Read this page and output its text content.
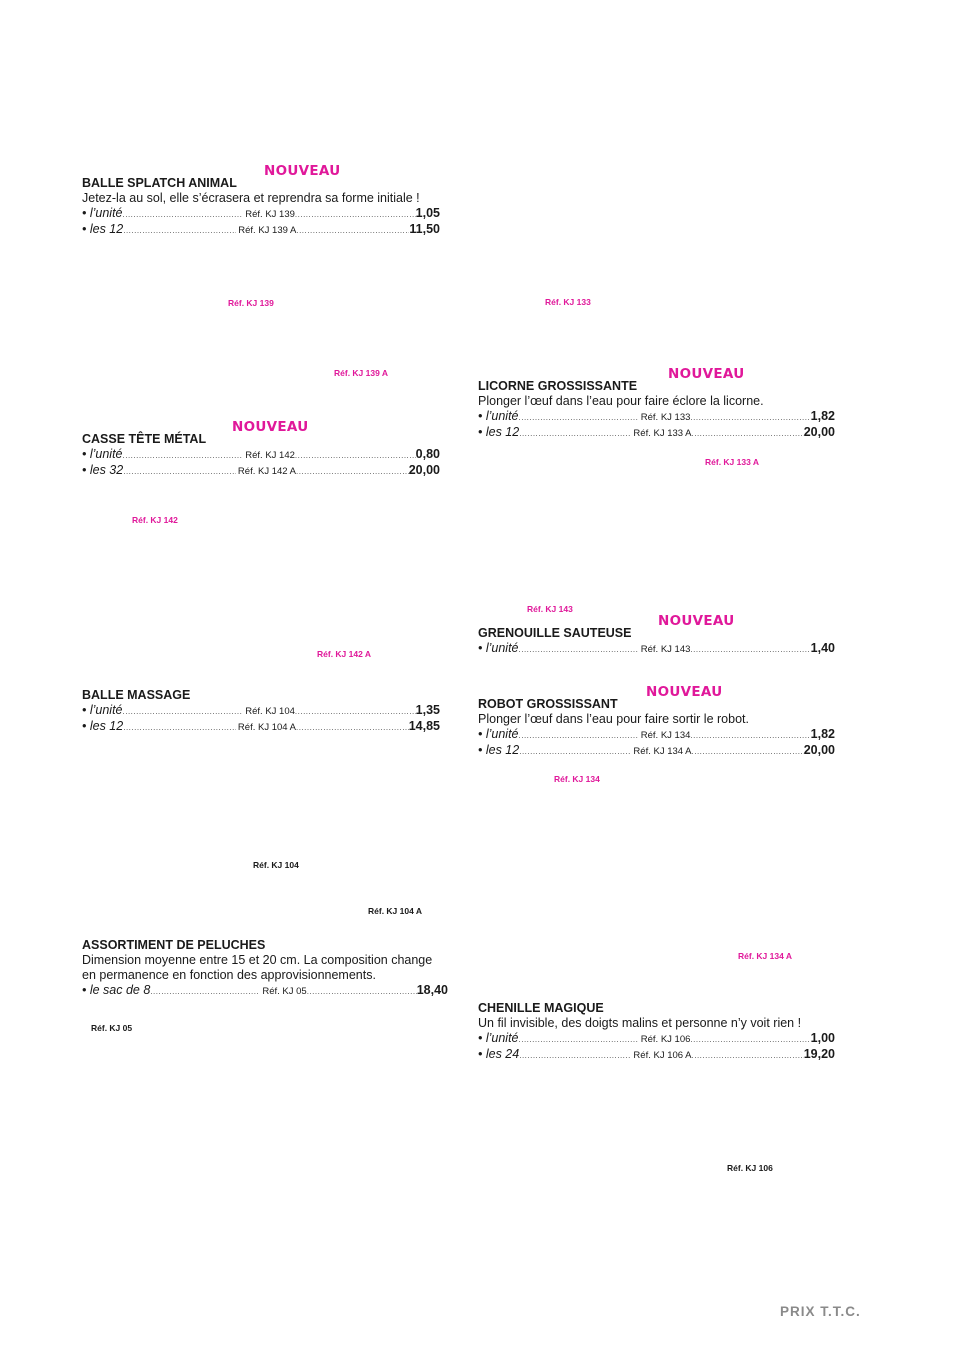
BALLE SPLATCH ANIMAL
NOUVEAU
Jetez-la au sol, elle s’écrasera et reprendra sa forme initiale !
• l’unité .....	Réf. KJ 139 .....	1,05
• les 12 .....	Réf. KJ 139 A .....	11,50
LICORNE GROSSISSANTE
NOUVEAU
Plonger l’œuf dans l’eau pour faire éclore la licorne.
• l’unité .....	Réf. KJ 133 .....	1,82
• les 12 .....	Réf. KJ 133 A .....	20,00
CASSE TÊTE MÉTAL
NOUVEAU
• l’unité .....	Réf. KJ 142 .....	0,80
• les 32 .....	Réf. KJ 142 A .....	20,00
GRENOUILLE SAUTEUSE
NOUVEAU
• l’unité .....	Réf. KJ 143 .....	1,40
BALLE MASSAGE
• l’unité .....	Réf. KJ 104 .....	1,35
• les 12 .....	Réf. KJ 104 A .....	14,85
ROBOT GROSSISSANT
NOUVEAU
Plonger l’œuf dans l’eau pour faire sortir le robot.
• l’unité .....	Réf. KJ 134 .....	1,82
• les 12 .....	Réf. KJ 134 A .....	20,00
ASSORTIMENT DE PELUCHES
Dimension moyenne entre 15 et 20 cm. La composition change
en permanence en fonction des approvisionnements.
• le sac de 8 .....	Réf. KJ 05 .....	18,40
CHENILLE MAGIQUE
Un fil invisible, des doigts malins et personne n’y voit rien !
• l’unité .....	Réf. KJ 106 .....	1,00
• les 24 .....	Réf. KJ 106 A .....	19,20
Réf. KJ 139	Réf. KJ 133
Réf. KJ 139 A
Réf. KJ 133 A
Réf. KJ 142
Réf. KJ 143
Réf. KJ 142 A
Réf. KJ 134
Réf. KJ 104
Réf. KJ 104 A
Réf. KJ 134 A
Réf. KJ 05
Réf. KJ 106
PRIX T.T.C.
